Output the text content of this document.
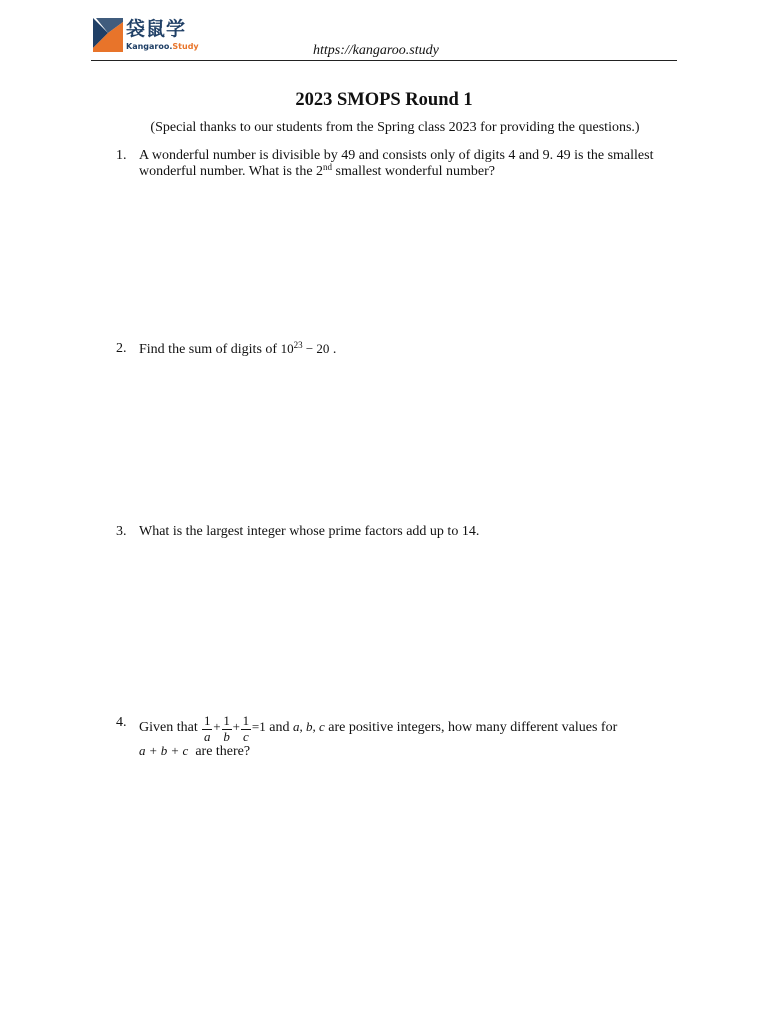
袋鼠学
Kangaroo.Study	https://kangaroo.study
2023 SMOPS Round 1
(Special thanks to our students from the Spring class 2023 for providing the questions.)
1. A wonderful number is divisible by 49 and consists only of digits 4 and 9. 49 is the smallest
wonderful number. What is the 2nd smallest wonderful number?
2. Find the sum of digits of $10^{23} - 20$ .
3. What is the largest integer whose prime factors add up to 14.
4. Given that $\frac{1}{a} + \frac{1}{b} + \frac{1}{c} =1$ and a, b, c are positive integers, how many different values for
a + b + c are there?
